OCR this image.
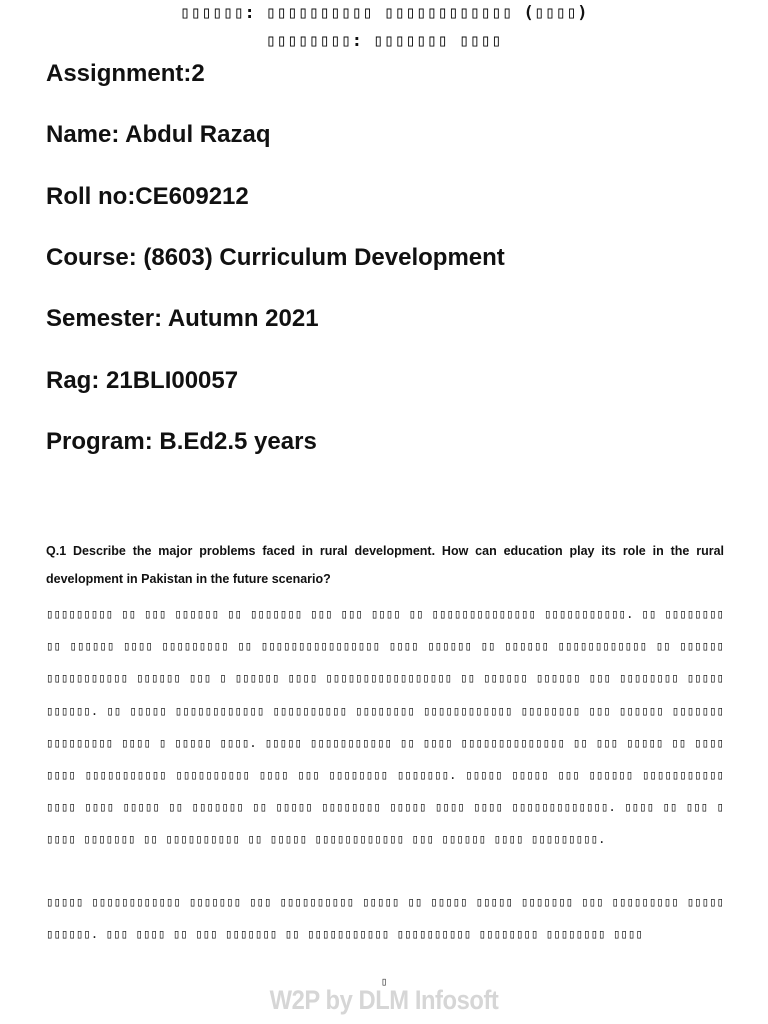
▯▯▯▯▯▯: ▯▯▯▯▯▯▯▯▯▯ ▯▯▯▯▯▯▯▯▯▯▯▯ (▯▯▯▯)
▯▯▯▯▯▯▯▯: ▯▯▯▯▯▯▯ ▯▯▯▯
Assignment:2
Name: Abdul Razaq
Roll no:CE609212
Course: (8603) Curriculum Development
Semester: Autumn 2021
Rag: 21BLI00057
Program: B.Ed2.5 years
Q.1 Describe the major problems faced in rural development. How can education play its role in the rural development in Pakistan in the future scenario?

▯▯▯▯▯▯▯▯▯ ▯▯ ▯▯▯ ▯▯▯▯▯▯ ▯▯ ▯▯▯▯▯▯▯ ▯▯▯ ▯▯▯ ▯▯▯▯ ▯▯ ▯▯▯▯▯▯▯▯▯▯▯▯▯▯ ▯▯▯▯▯▯▯▯▯▯▯. ▯▯ ▯▯▯▯▯▯▯▯▯▯ ▯▯▯▯▯▯ ▯▯▯▯ ▯▯▯▯▯▯▯▯▯ ▯▯ ▯▯▯▯▯▯▯▯▯▯▯▯▯▯▯▯ ▯▯▯▯ ▯▯▯▯▯▯ ▯▯ ▯▯▯▯▯▯ ▯▯▯▯▯▯▯▯▯▯▯▯ ▯▯ ▯▯▯▯▯▯ ▯▯▯▯▯▯▯▯▯▯▯ ▯▯▯▯▯▯ ▯▯▯ ▯ ▯▯▯▯▯▯ ▯▯▯▯ ▯▯▯▯▯▯▯▯▯▯▯▯▯▯▯▯▯ ▯▯ ▯▯▯▯▯▯ ▯▯▯▯▯▯ ▯▯▯ ▯▯▯▯▯▯▯▯ ▯▯▯▯▯▯▯▯▯▯▯. ▯▯ ▯▯▯▯▯ ▯▯▯▯▯▯▯▯▯▯▯▯ ▯▯▯▯▯▯▯▯▯▯ ▯▯▯▯▯▯▯▯ ▯▯▯▯▯▯▯▯▯▯▯▯ ▯▯▯▯▯▯▯▯ ▯▯▯ ▯▯▯▯▯▯ ▯▯▯▯▯▯▯▯▯▯▯▯▯▯▯▯ ▯▯▯▯ ▯ ▯▯▯▯▯ ▯▯▯▯. ▯▯▯▯▯ ▯▯▯▯▯▯▯▯▯▯▯ ▯▯ ▯▯▯▯ ▯▯▯▯▯▯▯▯▯▯▯▯▯▯ ▯▯ ▯▯▯ ▯▯▯▯▯ ▯▯ ▯▯▯▯▯▯▯▯ ▯▯▯▯▯▯▯▯▯▯▯ ▯▯▯▯▯▯▯▯▯▯ ▯▯▯▯ ▯▯▯ ▯▯▯▯▯▯▯▯ ▯▯▯▯▯▯▯. ▯▯▯▯▯ ▯▯▯▯▯ ▯▯▯ ▯▯▯▯▯▯ ▯▯▯▯▯▯▯▯▯▯▯ ▯▯▯▯ ▯▯▯▯ ▯▯▯▯▯ ▯▯ ▯▯▯▯▯▯▯ ▯▯ ▯▯▯▯▯ ▯▯▯▯▯▯▯▯ ▯▯▯▯▯ ▯▯▯▯ ▯▯▯▯ ▯▯▯▯▯▯▯▯▯▯▯▯▯. ▯▯▯▯ ▯▯ ▯▯▯ ▯ ▯▯▯▯ ▯▯▯▯▯▯▯ ▯▯ ▯▯▯▯▯▯▯▯▯▯ ▯▯ ▯▯▯▯▯ ▯▯▯▯▯▯▯▯▯▯▯▯ ▯▯▯ ▯▯▯▯▯▯ ▯▯▯▯ ▯▯▯▯▯▯▯▯▯.

▯▯▯▯▯ ▯▯▯▯▯▯▯▯▯▯▯▯ ▯▯▯▯▯▯▯ ▯▯▯ ▯▯▯▯▯▯▯▯▯▯ ▯▯▯▯▯ ▯▯ ▯▯▯▯▯ ▯▯▯▯▯ ▯▯▯▯▯▯▯ ▯▯▯ ▯▯▯▯▯▯▯▯▯ ▯▯▯▯▯▯▯▯▯▯▯. ▯▯▯ ▯▯▯▯ ▯▯ ▯▯▯ ▯▯▯▯▯▯▯ ▯▯ ▯▯▯▯▯▯▯▯▯▯▯ ▯▯▯▯▯▯▯▯▯▯ ▯▯▯▯▯▯▯▯ ▯▯▯▯▯▯▯▯ ▯▯▯▯

▯
W2P by DLM Infosoft
